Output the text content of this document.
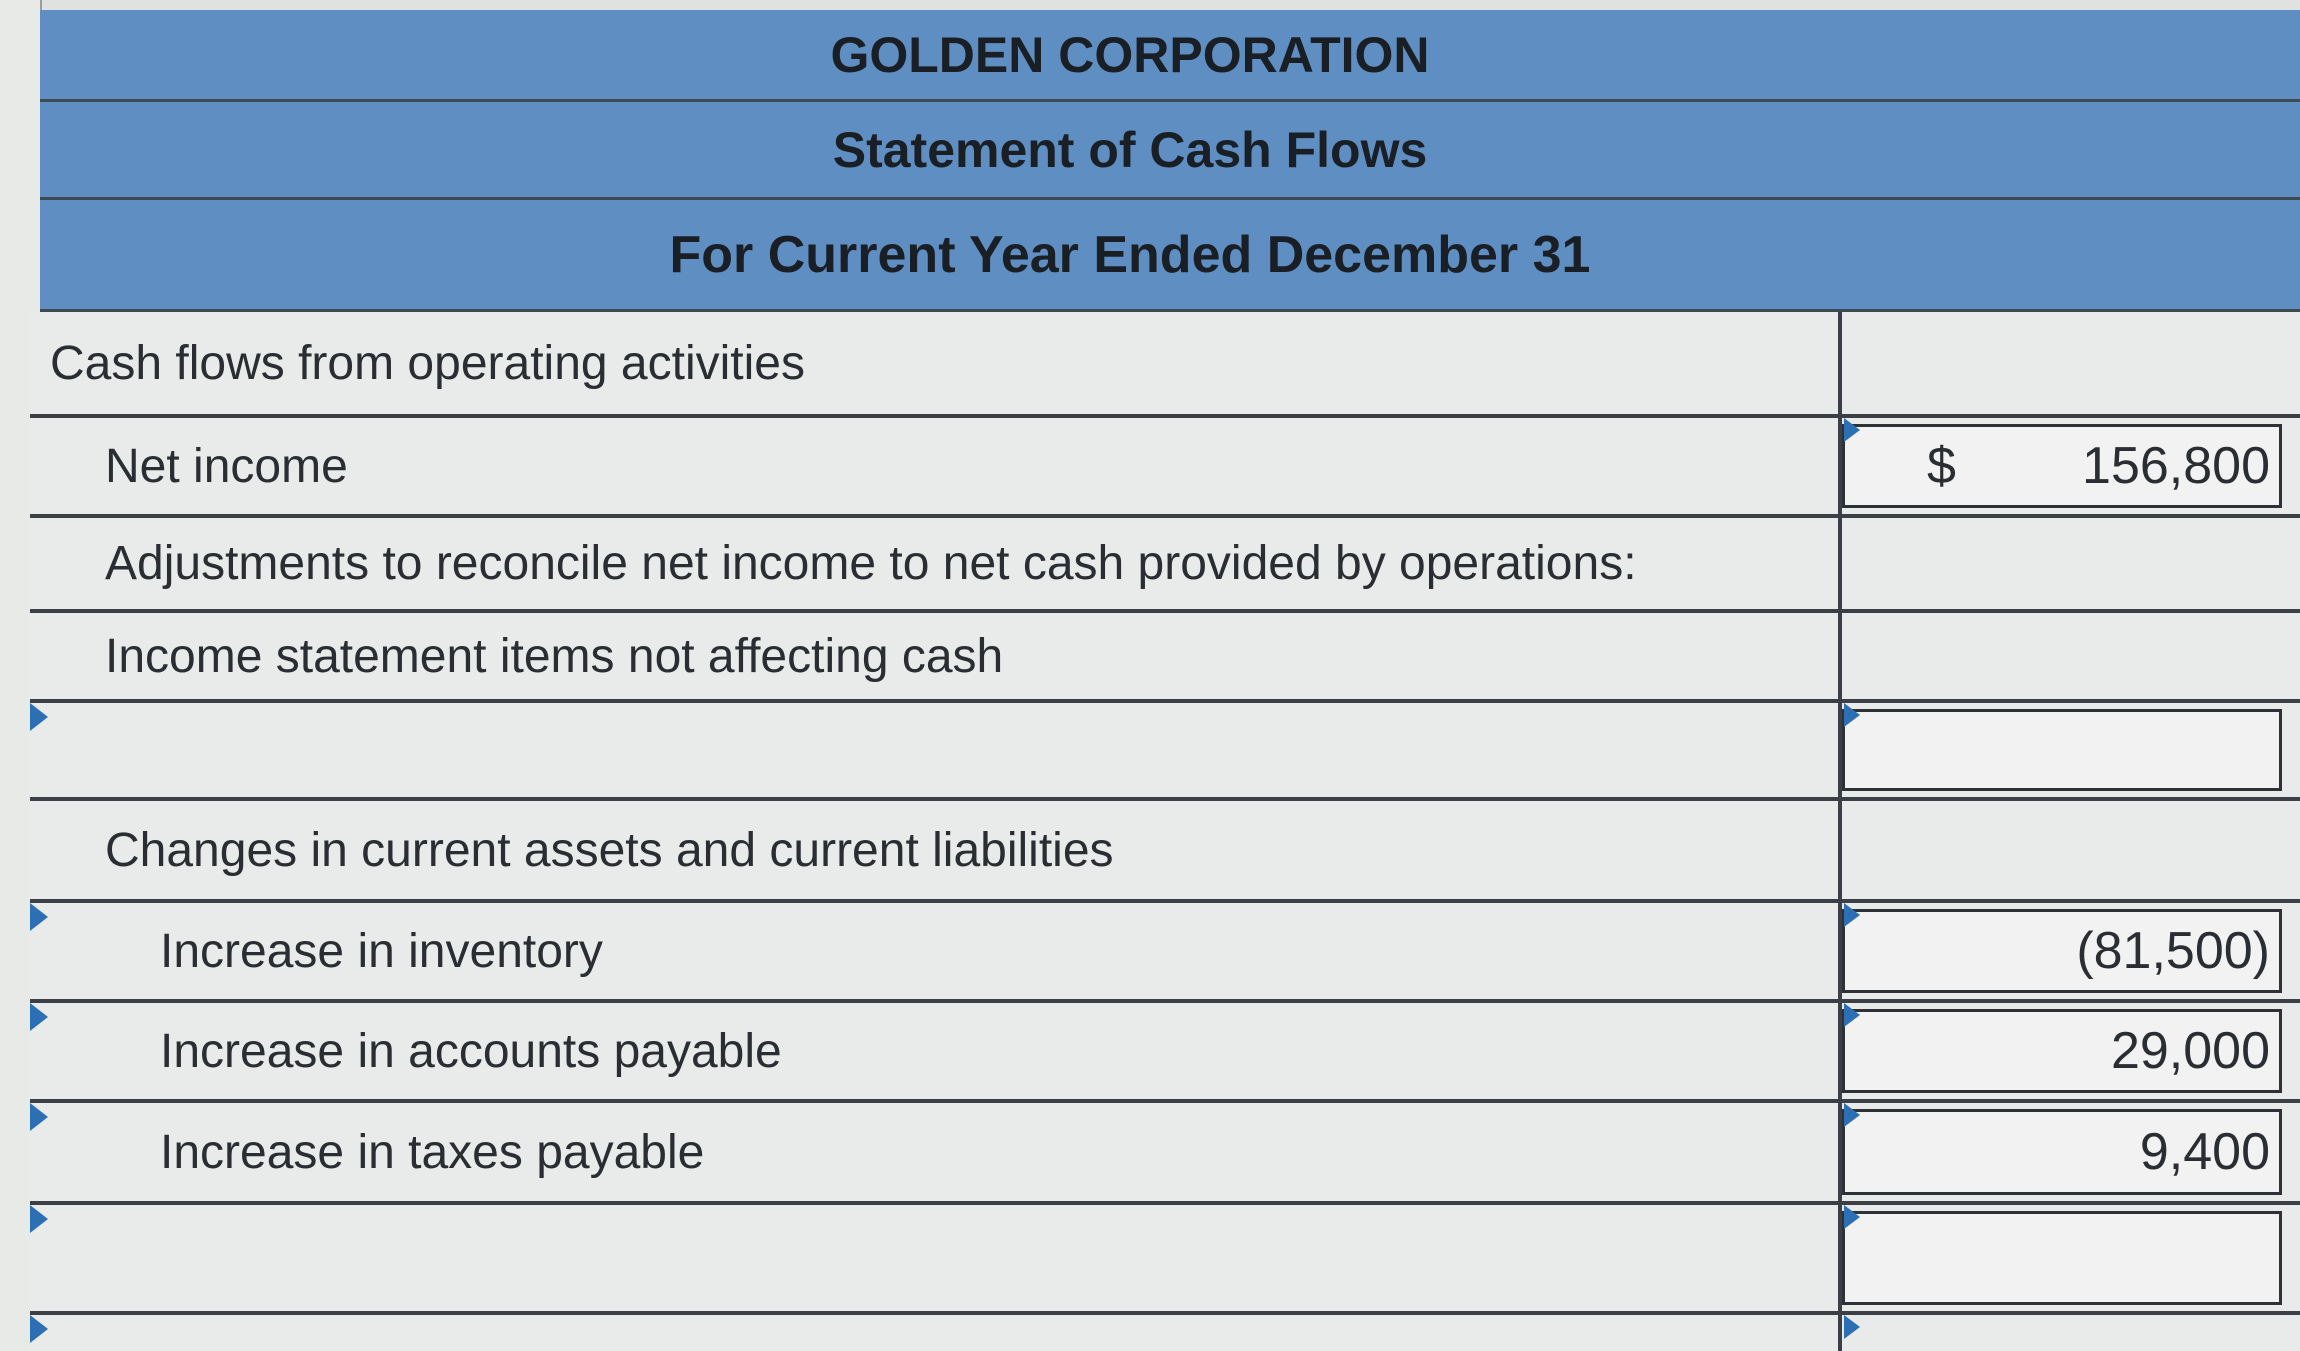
GOLDEN CORPORATION
Statement of Cash Flows
For Current Year Ended December 31
Cash flows from operating activities
Net income	$ 156,800
Adjustments to reconcile net income to net cash provided by operations:
Income statement items not affecting cash
Changes in current assets and current liabilities
Increase in inventory	(81,500)
Increase in accounts payable	29,000
Increase in taxes payable	9,400
